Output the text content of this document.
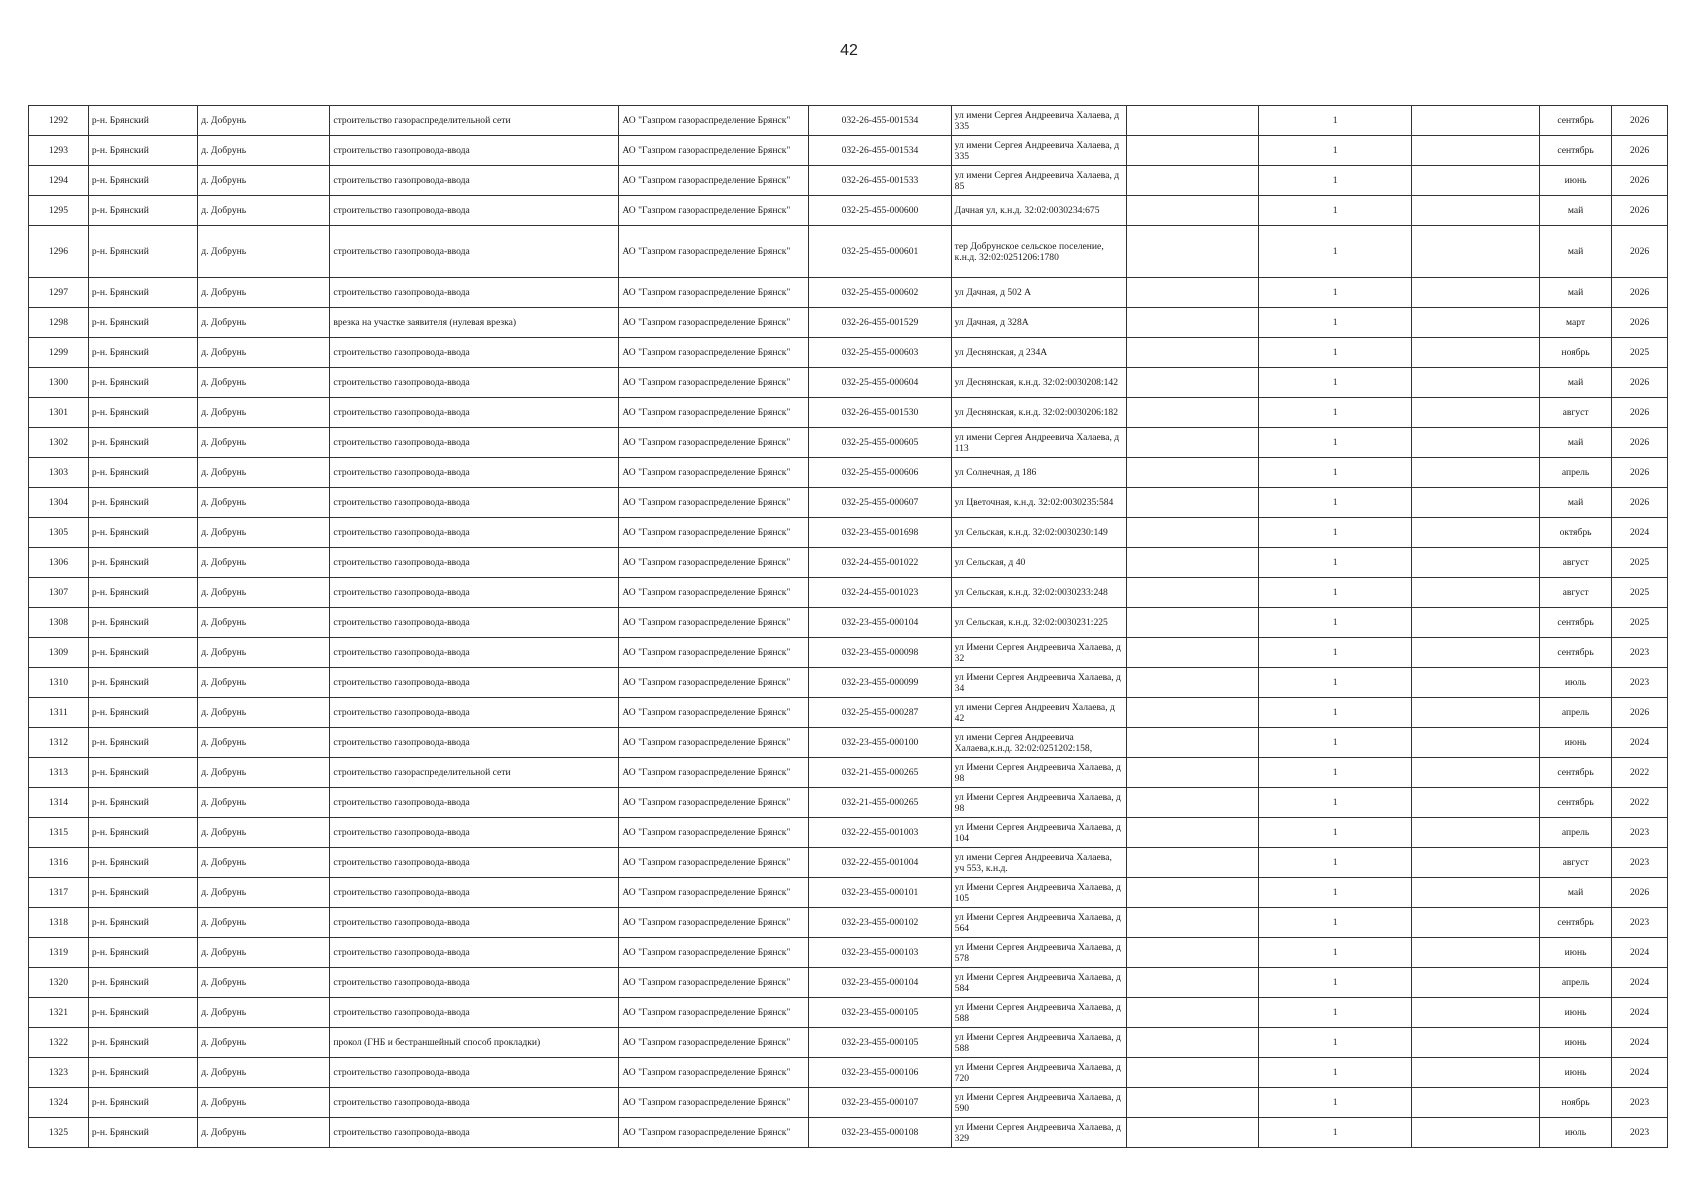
42
1292	р-н. Брянский	д. Добрунь	строительство газораспределительной сети	АО "Газпром газораспределение Брянск"	032-26-455-001534	ул имени Сергея Андреевича Халаева, д 335		1		сентябрь	2026
1293	р-н. Брянский	д. Добрунь	строительство газопровода-ввода	АО "Газпром газораспределение Брянск"	032-26-455-001534	ул имени Сергея Андреевича Халаева, д 335		1		сентябрь	2026
1294	р-н. Брянский	д. Добрунь	строительство газопровода-ввода	АО "Газпром газораспределение Брянск"	032-26-455-001533	ул имени Сергея Андреевича Халаева, д 85		1		июнь	2026
1295	р-н. Брянский	д. Добрунь	строительство газопровода-ввода	АО "Газпром газораспределение Брянск"	032-25-455-000600	Дачная ул, к.н.д. 32:02:0030234:675		1		май	2026
1296	р-н. Брянский	д. Добрунь	строительство газопровода-ввода	АО "Газпром газораспределение Брянск"	032-25-455-000601	тер Добрунское сельское поселение, к.н.д. 32:02:0251206:1780		1		май	2026
1297	р-н. Брянский	д. Добрунь	строительство газопровода-ввода	АО "Газпром газораспределение Брянск"	032-25-455-000602	ул Дачная, д 502 А		1		май	2026
1298	р-н. Брянский	д. Добрунь	врезка на участке заявителя (нулевая врезка)	АО "Газпром газораспределение Брянск"	032-26-455-001529	ул Дачная, д 328А		1		март	2026
1299	р-н. Брянский	д. Добрунь	строительство газопровода-ввода	АО "Газпром газораспределение Брянск"	032-25-455-000603	ул Деснянская, д 234А		1		ноябрь	2025
1300	р-н. Брянский	д. Добрунь	строительство газопровода-ввода	АО "Газпром газораспределение Брянск"	032-25-455-000604	ул Деснянская, к.н.д. 32:02:0030208:142		1		май	2026
1301	р-н. Брянский	д. Добрунь	строительство газопровода-ввода	АО "Газпром газораспределение Брянск"	032-26-455-001530	ул Деснянская, к.н.д. 32:02:0030206:182		1		август	2026
1302	р-н. Брянский	д. Добрунь	строительство газопровода-ввода	АО "Газпром газораспределение Брянск"	032-25-455-000605	ул имени Сергея Андреевича Халаева, д 113		1		май	2026
1303	р-н. Брянский	д. Добрунь	строительство газопровода-ввода	АО "Газпром газораспределение Брянск"	032-25-455-000606	ул Солнечная, д 186		1		апрель	2026
1304	р-н. Брянский	д. Добрунь	строительство газопровода-ввода	АО "Газпром газораспределение Брянск"	032-25-455-000607	ул Цветочная, к.н.д. 32:02:0030235:584		1		май	2026
1305	р-н. Брянский	д. Добрунь	строительство газопровода-ввода	АО "Газпром газораспределение Брянск"	032-23-455-001698	ул Сельская, к.н.д. 32:02:0030230:149		1		октябрь	2024
1306	р-н. Брянский	д. Добрунь	строительство газопровода-ввода	АО "Газпром газораспределение Брянск"	032-24-455-001022	ул Сельская, д 40		1		август	2025
1307	р-н. Брянский	д. Добрунь	строительство газопровода-ввода	АО "Газпром газораспределение Брянск"	032-24-455-001023	ул Сельская, к.н.д. 32:02:0030233:248		1		август	2025
1308	р-н. Брянский	д. Добрунь	строительство газопровода-ввода	АО "Газпром газораспределение Брянск"	032-23-455-000104	ул Сельская, к.н.д. 32:02:0030231:225		1		сентябрь	2025
1309	р-н. Брянский	д. Добрунь	строительство газопровода-ввода	АО "Газпром газораспределение Брянск"	032-23-455-000098	ул Имени Сергея Андреевича Халаева, д 32		1		сентябрь	2023
1310	р-н. Брянский	д. Добрунь	строительство газопровода-ввода	АО "Газпром газораспределение Брянск"	032-23-455-000099	ул Имени Сергея Андреевича Халаева, д 34		1		июль	2023
1311	р-н. Брянский	д. Добрунь	строительство газопровода-ввода	АО "Газпром газораспределение Брянск"	032-25-455-000287	ул имени Сергея Андреевич Халаева, д 42		1		апрель	2026
1312	р-н. Брянский	д. Добрунь	строительство газопровода-ввода	АО "Газпром газораспределение Брянск"	032-23-455-000100	ул имени Сергея Андреевича Халаева,к.н.д. 32:02:0251202:158,		1		июнь	2024
1313	р-н. Брянский	д. Добрунь	строительство газораспределительной сети	АО "Газпром газораспределение Брянск"	032-21-455-000265	ул Имени Сергея Андреевича Халаева, д 98		1		сентябрь	2022
1314	р-н. Брянский	д. Добрунь	строительство газопровода-ввода	АО "Газпром газораспределение Брянск"	032-21-455-000265	ул Имени Сергея Андреевича Халаева, д 98		1		сентябрь	2022
1315	р-н. Брянский	д. Добрунь	строительство газопровода-ввода	АО "Газпром газораспределение Брянск"	032-22-455-001003	ул Имени Сергея Андреевича Халаева, д 104		1		апрель	2023
1316	р-н. Брянский	д. Добрунь	строительство газопровода-ввода	АО "Газпром газораспределение Брянск"	032-22-455-001004	ул имени Сергея Андреевича Халаева, уч 553, к.н.д.		1		август	2023
1317	р-н. Брянский	д. Добрунь	строительство газопровода-ввода	АО "Газпром газораспределение Брянск"	032-23-455-000101	ул Имени Сергея Андреевича Халаева, д 105		1		май	2026
1318	р-н. Брянский	д. Добрунь	строительство газопровода-ввода	АО "Газпром газораспределение Брянск"	032-23-455-000102	ул Имени Сергея Андреевича Халаева, д 564		1		сентябрь	2023
1319	р-н. Брянский	д. Добрунь	строительство газопровода-ввода	АО "Газпром газораспределение Брянск"	032-23-455-000103	ул Имени Сергея Андреевича Халаева, д 578		1		июнь	2024
1320	р-н. Брянский	д. Добрунь	строительство газопровода-ввода	АО "Газпром газораспределение Брянск"	032-23-455-000104	ул Имени Сергея Андреевича Халаева, д 584		1		апрель	2024
1321	р-н. Брянский	д. Добрунь	строительство газопровода-ввода	АО "Газпром газораспределение Брянск"	032-23-455-000105	ул Имени Сергея Андреевича Халаева, д 588		1		июнь	2024
1322	р-н. Брянский	д. Добрунь	прокол (ГНБ и бестраншейный способ прокладки)	АО "Газпром газораспределение Брянск"	032-23-455-000105	ул Имени Сергея Андреевича Халаева, д 588		1		июнь	2024
1323	р-н. Брянский	д. Добрунь	строительство газопровода-ввода	АО "Газпром газораспределение Брянск"	032-23-455-000106	ул Имени Сергея Андреевича Халаева, д 720		1		июнь	2024
1324	р-н. Брянский	д. Добрунь	строительство газопровода-ввода	АО "Газпром газораспределение Брянск"	032-23-455-000107	ул Имени Сергея Андреевича Халаева, д 590		1		ноябрь	2023
1325	р-н. Брянский	д. Добрунь	строительство газопровода-ввода	АО "Газпром газораспределение Брянск"	032-23-455-000108	ул Имени Сергея Андреевича Халаева, д 329		1		июль	2023
